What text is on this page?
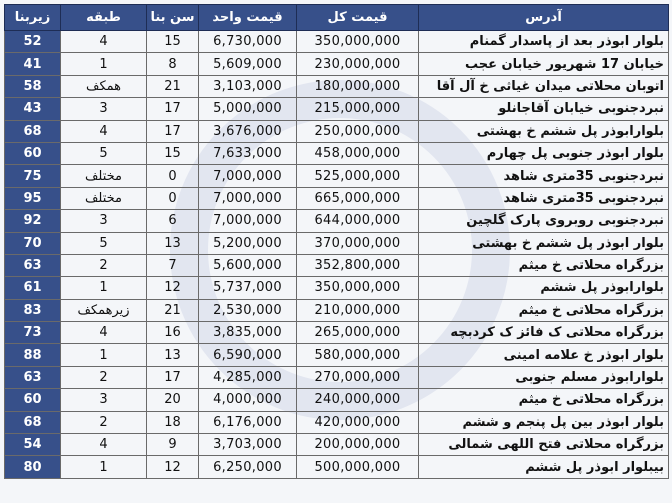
زیربنا	طبقه	سن بنا	قیمت واحد	قیمت کل	آدرس
52	4	15	6,730,000	350,000,000	بلوار ابوذر بعد از پاسدار گمنام
41	1	8	5,609,000	230,000,000	خیابان 17 شهریور خیابان عجب
58	همکف	21	3,103,000	180,000,000	اتوبان محلاتی میدان غیاثی خ آل آقا
43	3	17	5,000,000	215,000,000	نبردجنوبی خیابان آقاجانلو
68	4	17	3,676,000	250,000,000	بلوارابوذر پل ششم خ بهشتی
60	5	15	7,633,000	458,000,000	بلوار ابوذر جنوبی پل چهارم
75	مختلف	0	7,000,000	525,000,000	نبردجنوبی 35متری شاهد
95	مختلف	0	7,000,000	665,000,000	نبردجنوبی 35متری شاهد
92	3	6	7,000,000	644,000,000	نبردجنوبی روبروی پارک گلچین
70	5	13	5,200,000	370,000,000	بلوار ابوذر پل ششم خ بهشتی
63	2	7	5,600,000	352,800,000	بزرگراه محلاتی خ میثم
61	1	12	5,737,000	350,000,000	بلوارابوذر پل ششم
83	زیرهمکف	21	2,530,000	210,000,000	بزرگراه محلاتی خ میثم
73	4	16	3,835,000	265,000,000	بزرگراه محلاتی ک فائز ک کردبچه
88	1	13	6,590,000	580,000,000	بلوار ابوذر خ علامه امینی
63	2	17	4,285,000	270,000,000	بلوارابوذر مسلم جنوبی
60	3	20	4,000,000	240,000,000	بزرگراه محلاتی خ میثم
68	2	18	6,176,000	420,000,000	بلوار ابوذر بین پل پنجم و ششم
54	4	9	3,703,000	200,000,000	بزرگراه محلاتی فتح اللهی شمالی
80	1	12	6,250,000	500,000,000	بیبلوار ابوذر پل ششم
